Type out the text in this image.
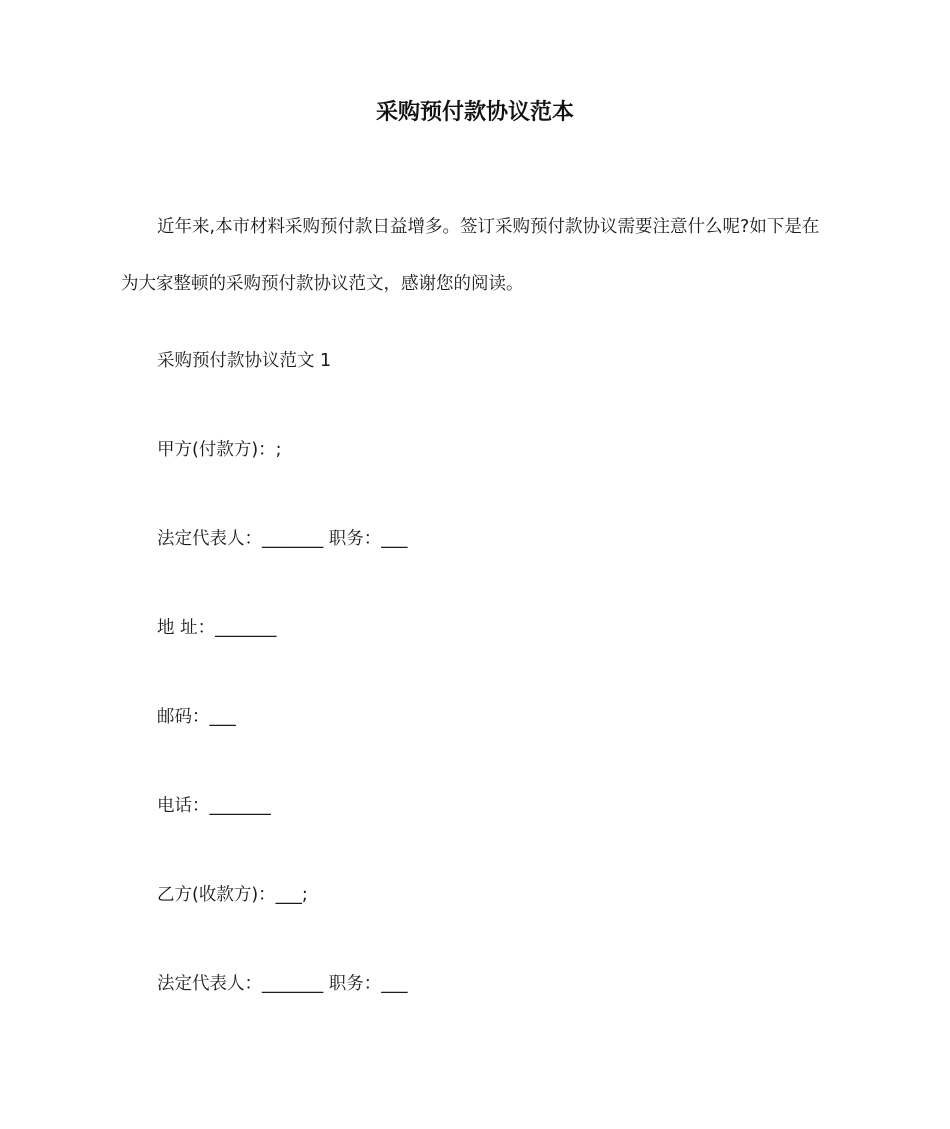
采购预付款协议范本

近年来,本市材料采购预付款日益增多。签订采购预付款协议需要注意什么呢?如下是在为大家整顿的采购预付款协议范文，感谢您的阅读。

采购预付款协议范文 1

甲方(付款方)：;

法定代表人：_______ 职务：___

地 址：_______

邮码：___

电话：_______

乙方(收款方)：___;

法定代表人：_______ 职务：___
